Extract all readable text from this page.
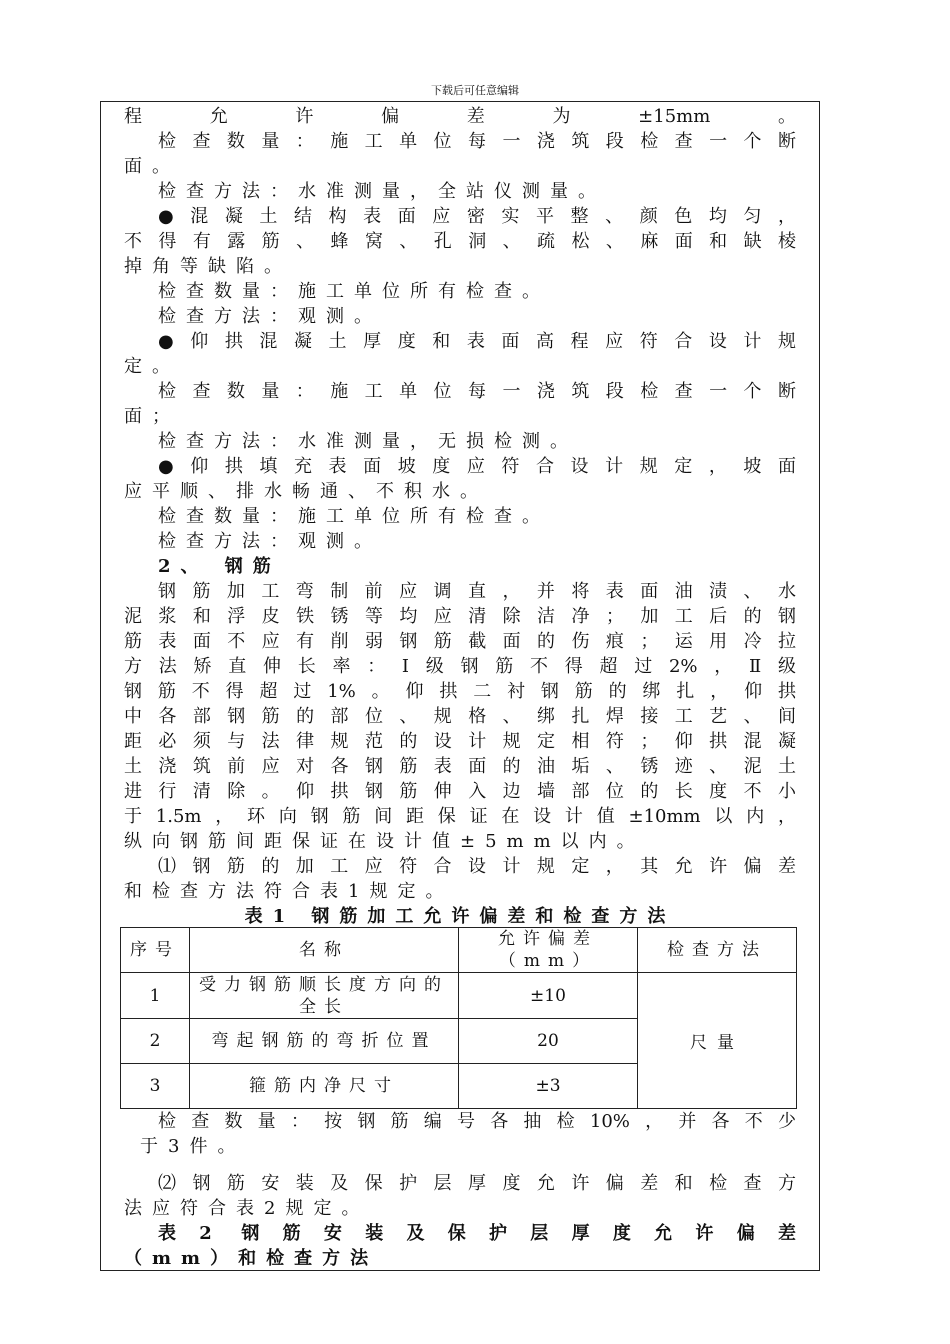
下载后可任意编辑
程允许偏差为±15mm。
检查数量：施工单位每一浇筑段检查一个断
面。
检查方法：水准测量，全站仪测量。
●混凝土结构表面应密实平整、颜色均匀，
不得有露筋、蜂窝、孔洞、疏松、麻面和缺棱
掉角等缺陷。
检查数量：施工单位所有检查。
检查方法：观测。
●仰拱混凝土厚度和表面高程应符合设计规
定。
检查数量：施工单位每一浇筑段检查一个断
面；
检查方法：水准测量，无损检测。
●仰拱填充表面坡度应符合设计规定，坡面
应平顺、排水畅通、不积水。
检查数量：施工单位所有检查。
检查方法：观测。
2、 钢筋
钢筋加工弯制前应调直，并将表面油渍、水
泥浆和浮皮铁锈等均应清除洁净；加工后的钢
筋表面不应有削弱钢筋截面的伤痕；运用冷拉
方法矫直伸长率：Ⅰ级钢筋不得超过2%，Ⅱ级
钢筋不得超过1%。仰拱二衬钢筋的绑扎，仰拱
中各部钢筋的部位、规格、绑扎焊接工艺、间
距必须与法律规范的设计规定相符；仰拱混凝
土浇筑前应对各钢筋表面的油垢、锈迹、泥土
进行清除。仰拱钢筋伸入边墙部位的长度不小
于1.5m，环向钢筋间距保证在设计值±10mm以内，
纵向钢筋间距保证在设计值±5mm以内。
⑴钢筋的加工应符合设计规定，其允许偏差
和检查方法符合表1规定。
表1 钢筋加工允许偏差和检查方法
序号	名称	允许偏差（mm）	检查方法

1	受力钢筋顺长度方向的全长	±10	尺量
2	弯起钢筋的弯折位置	20	
3	箍筋内净尺寸	±3	
检查数量：按钢筋编号各抽检10%，并各不少
于3件。
⑵钢筋安装及保护层厚度允许偏差和检查方
法应符合表2规定。
表2 钢筋安装及保护层厚度允许偏差
（mm）和检查方法
